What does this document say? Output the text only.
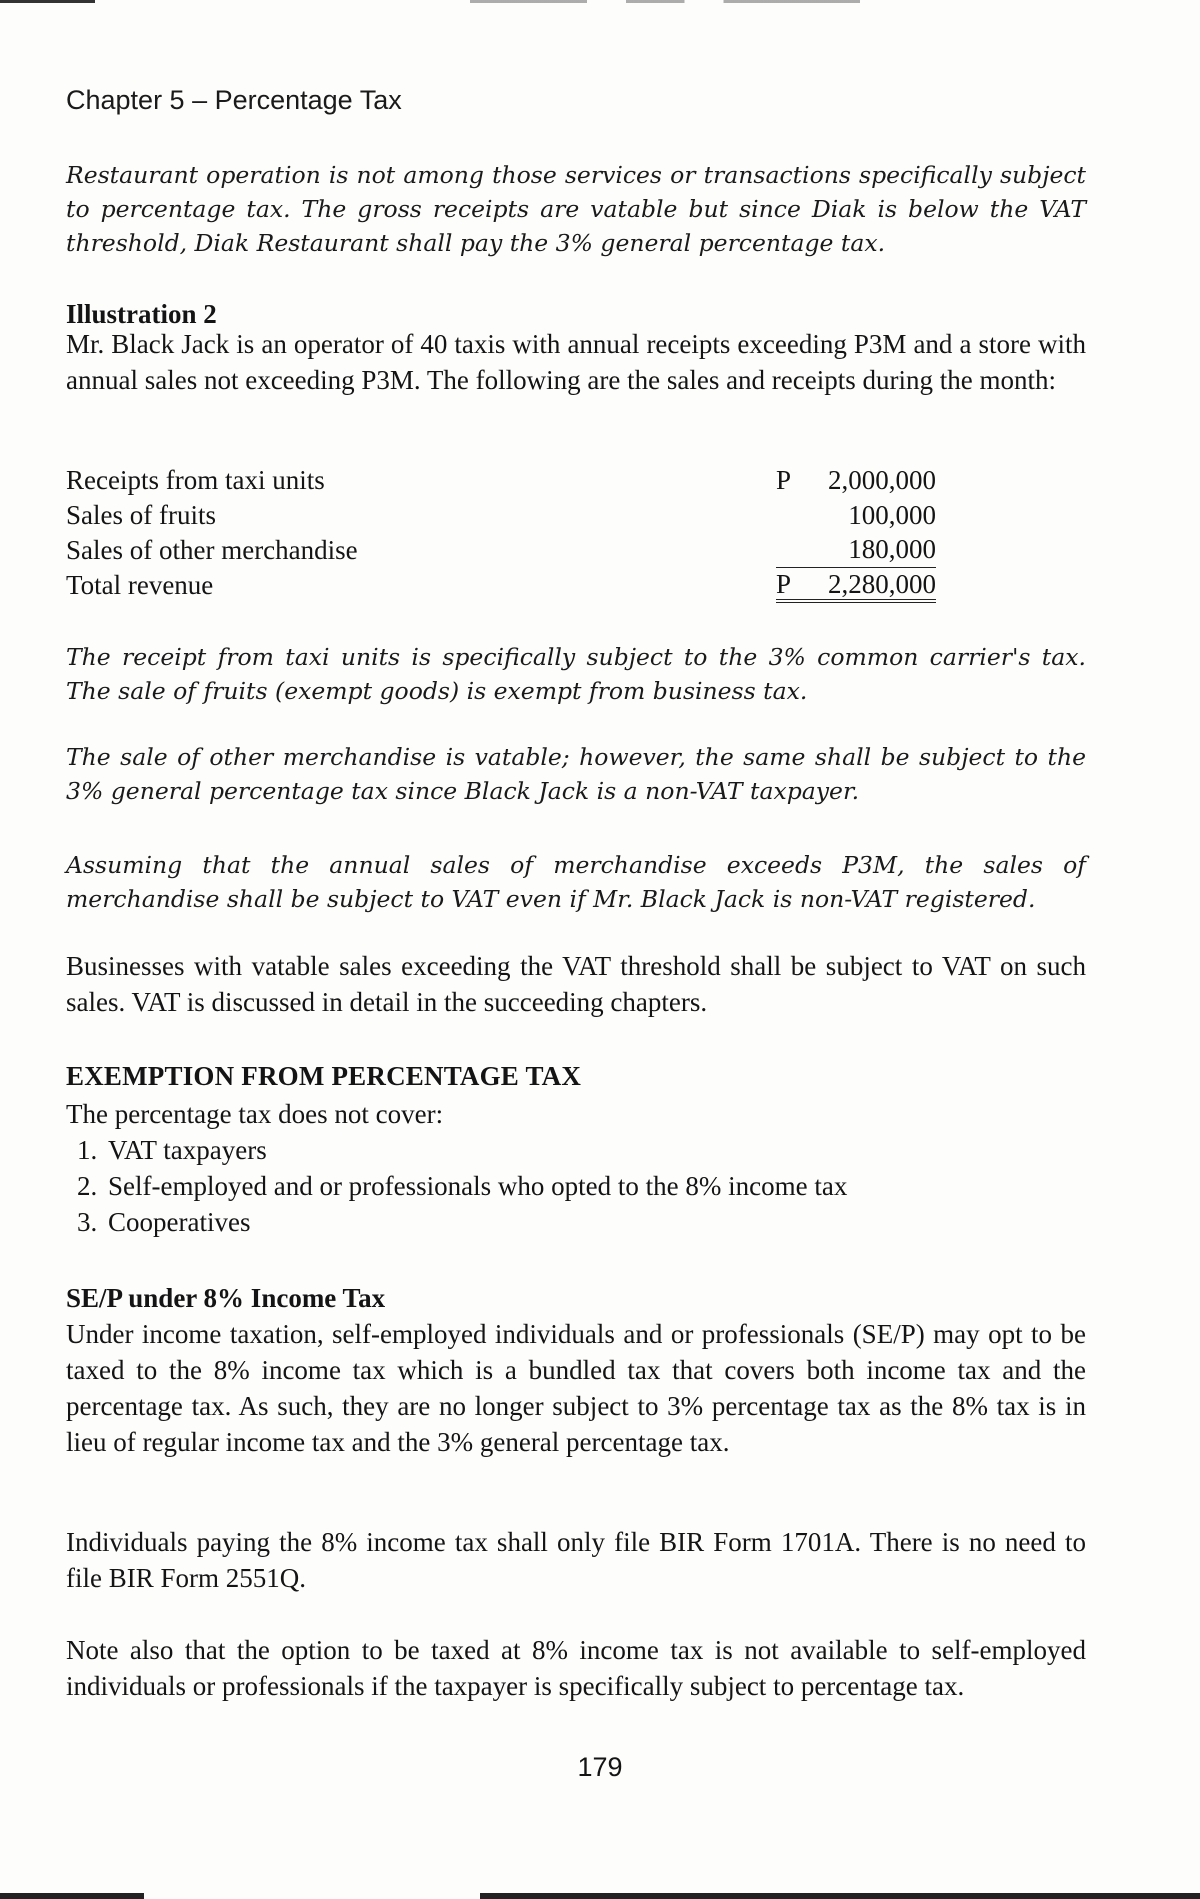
Chapter 5 – Percentage Tax
Restaurant operation is not among those services or transactions specifically subject to percentage tax. The gross receipts are vatable but since Diak is below the VAT threshold, Diak Restaurant shall pay the 3% general percentage tax.
Illustration 2
Mr. Black Jack is an operator of 40 taxis with annual receipts exceeding P3M and a store with annual sales not exceeding P3M. The following are the sales and receipts during the month:
Receipts from taxi units	P 2,000,000
Sales of fruits	100,000
Sales of other merchandise	180,000
Total revenue	P 2,280,000
The receipt from taxi units is specifically subject to the 3% common carrier's tax. The sale of fruits (exempt goods) is exempt from business tax.
The sale of other merchandise is vatable; however, the same shall be subject to the 3% general percentage tax since Black Jack is a non-VAT taxpayer.
Assuming that the annual sales of merchandise exceeds P3M, the sales of merchandise shall be subject to VAT even if Mr. Black Jack is non-VAT registered.
Businesses with vatable sales exceeding the VAT threshold shall be subject to VAT on such sales. VAT is discussed in detail in the succeeding chapters.
EXEMPTION FROM PERCENTAGE TAX
The percentage tax does not cover:
1. VAT taxpayers
2. Self-employed and or professionals who opted to the 8% income tax
3. Cooperatives
SE/P under 8% Income Tax
Under income taxation, self-employed individuals and or professionals (SE/P) may opt to be taxed to the 8% income tax which is a bundled tax that covers both income tax and the percentage tax. As such, they are no longer subject to 3% percentage tax as the 8% tax is in lieu of regular income tax and the 3% general percentage tax.
Individuals paying the 8% income tax shall only file BIR Form 1701A. There is no need to file BIR Form 2551Q.
Note also that the option to be taxed at 8% income tax is not available to self-employed individuals or professionals if the taxpayer is specifically subject to percentage tax.
179
